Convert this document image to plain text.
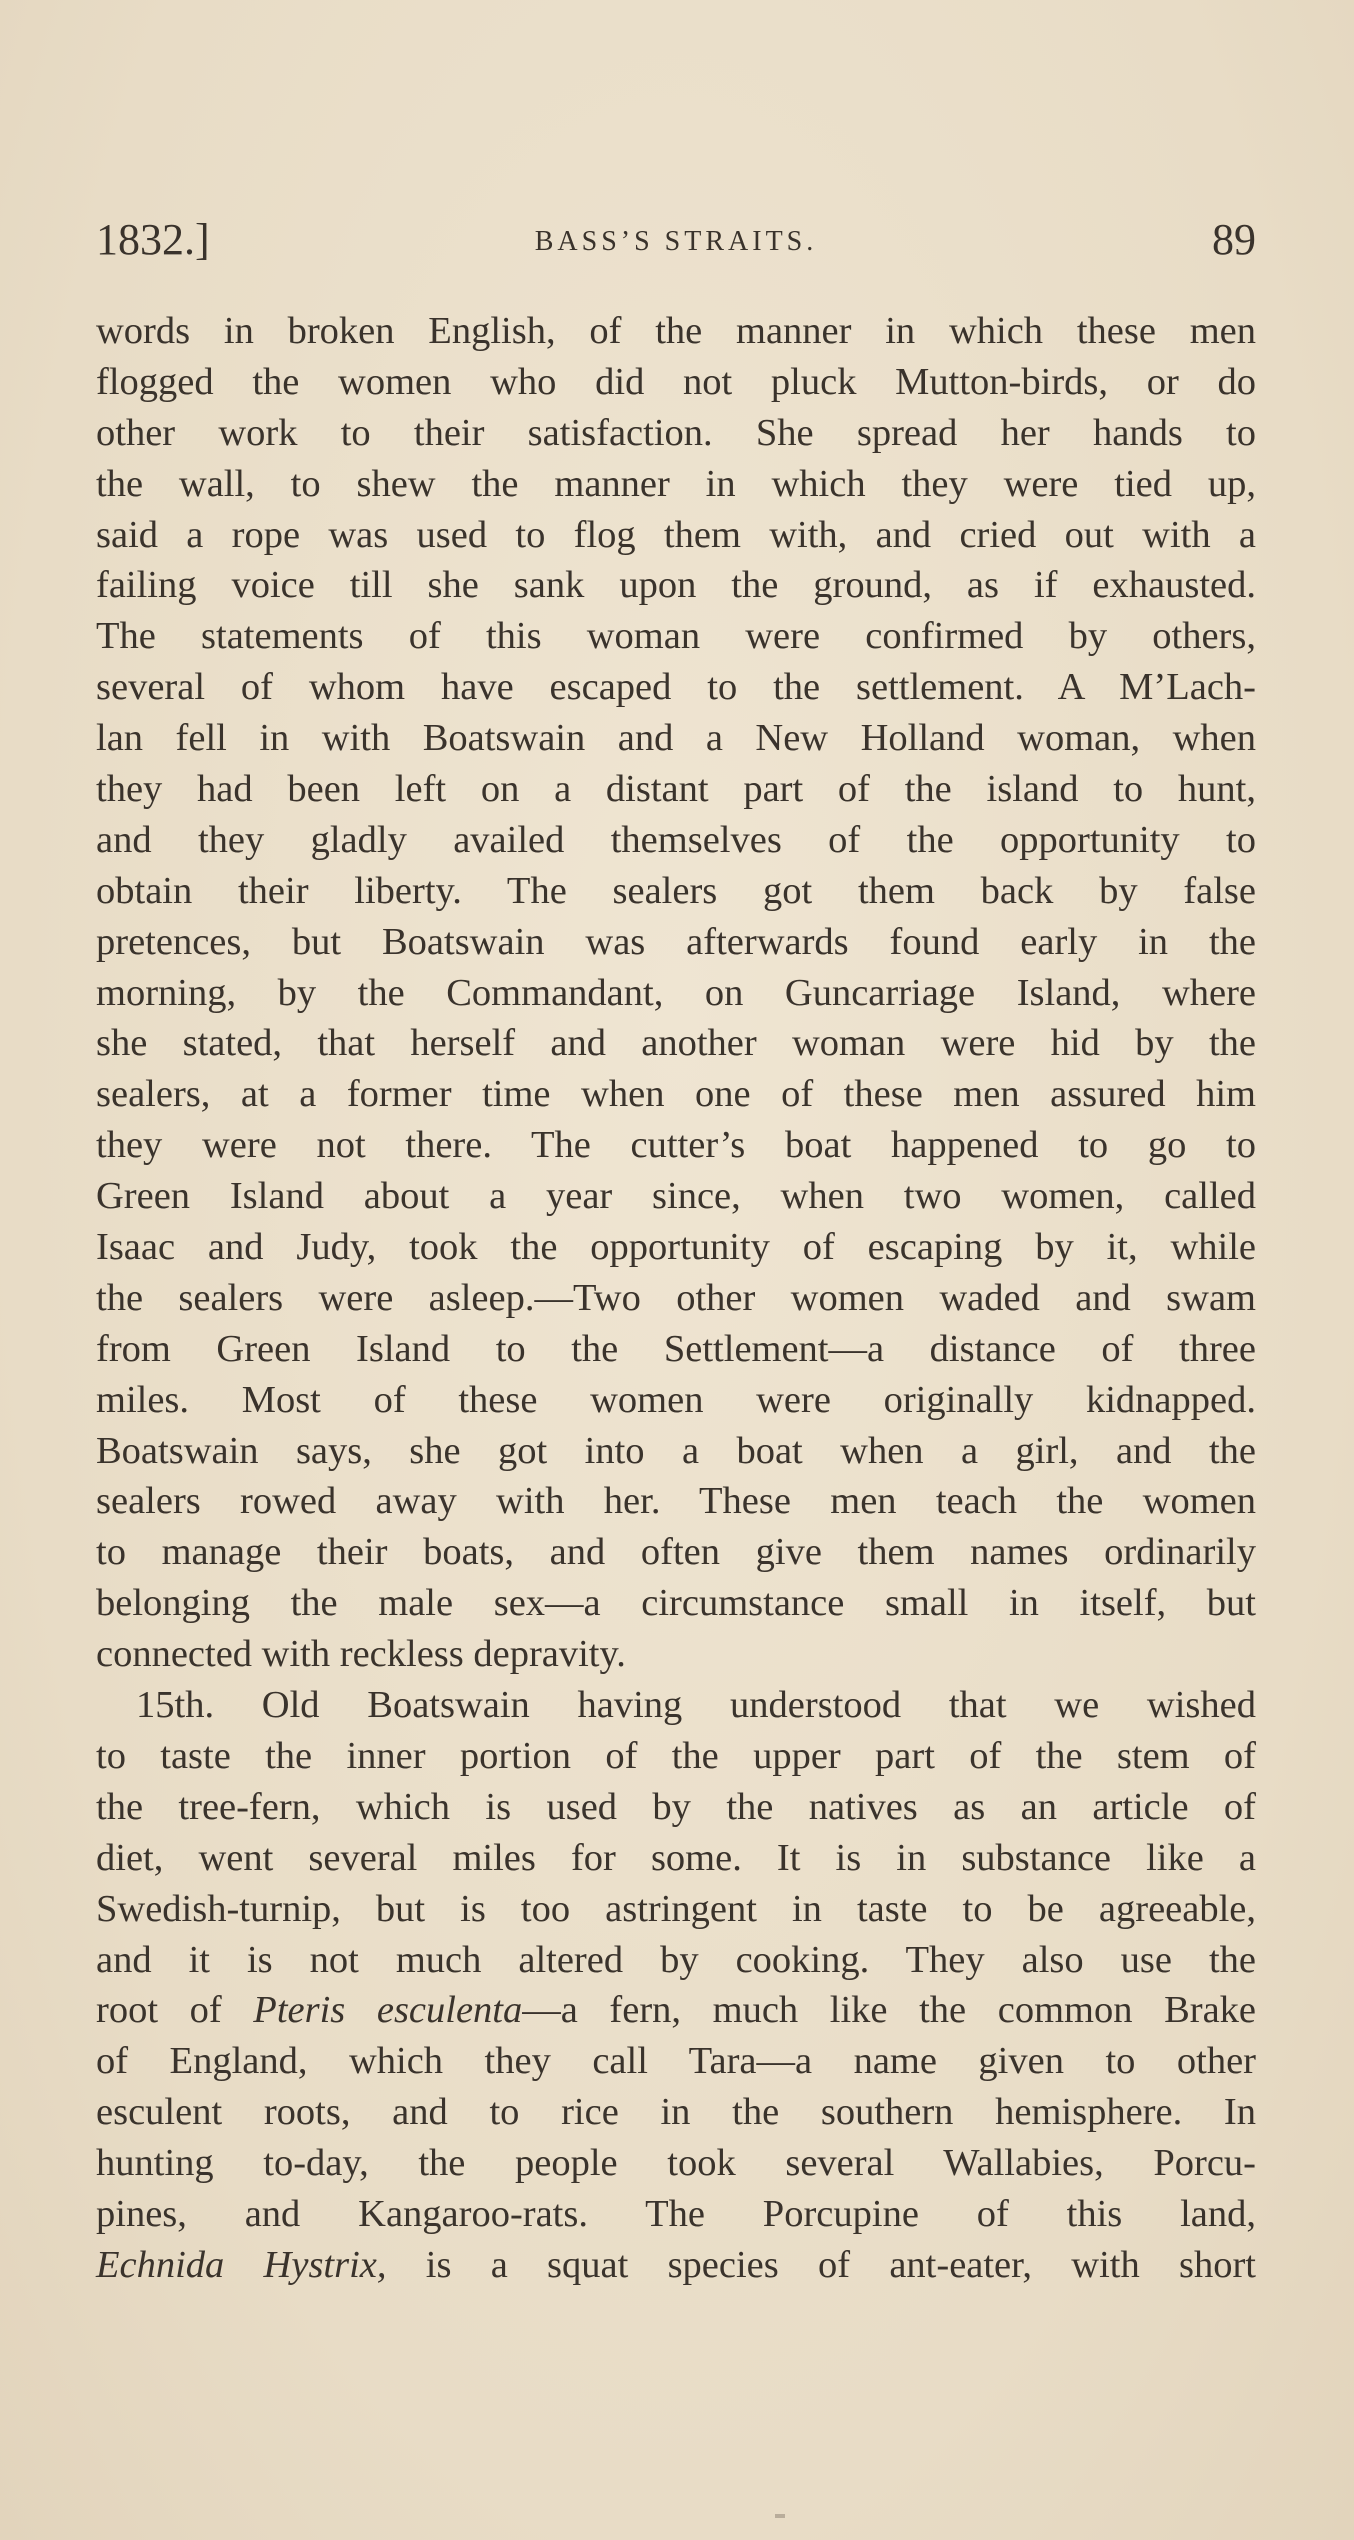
1832.]	BASS’S STRAITS.	89
words in broken English, of the manner in which these men
flogged the women who did not pluck Mutton-birds, or do
other work to their satisfaction. She spread her hands to
the wall, to shew the manner in which they were tied up,
said a rope was used to flog them with, and cried out with a
failing voice till she sank upon the ground, as if exhausted.
The statements of this woman were confirmed by others,
several of whom have escaped to the settlement. A M’Lach-
lan fell in with Boatswain and a New Holland woman, when
they had been left on a distant part of the island to hunt,
and they gladly availed themselves of the opportunity to
obtain their liberty. The sealers got them back by false
pretences, but Boatswain was afterwards found early in the
morning, by the Commandant, on Guncarriage Island, where
she stated, that herself and another woman were hid by the
sealers, at a former time when one of these men assured him
they were not there. The cutter’s boat happened to go to
Green Island about a year since, when two women, called
Isaac and Judy, took the opportunity of escaping by it, while
the sealers were asleep.—Two other women waded and swam
from Green Island to the Settlement—a distance of three
miles. Most of these women were originally kidnapped.
Boatswain says, she got into a boat when a girl, and the
sealers rowed away with her. These men teach the women
to manage their boats, and often give them names ordinarily
belonging the male sex—a circumstance small in itself, but
connected with reckless depravity.
15th. Old Boatswain having understood that we wished
to taste the inner portion of the upper part of the stem of
the tree-fern, which is used by the natives as an article of
diet, went several miles for some. It is in substance like a
Swedish-turnip, but is too astringent in taste to be agreeable,
and it is not much altered by cooking. They also use the
root of Pteris esculenta—a fern, much like the common Brake
of England, which they call Tara—a name given to other
esculent roots, and to rice in the southern hemisphere. In
hunting to-day, the people took several Wallabies, Porcu-
pines, and Kangaroo-rats. The Porcupine of this land,
Echnida Hystrix, is a squat species of ant-eater, with short
